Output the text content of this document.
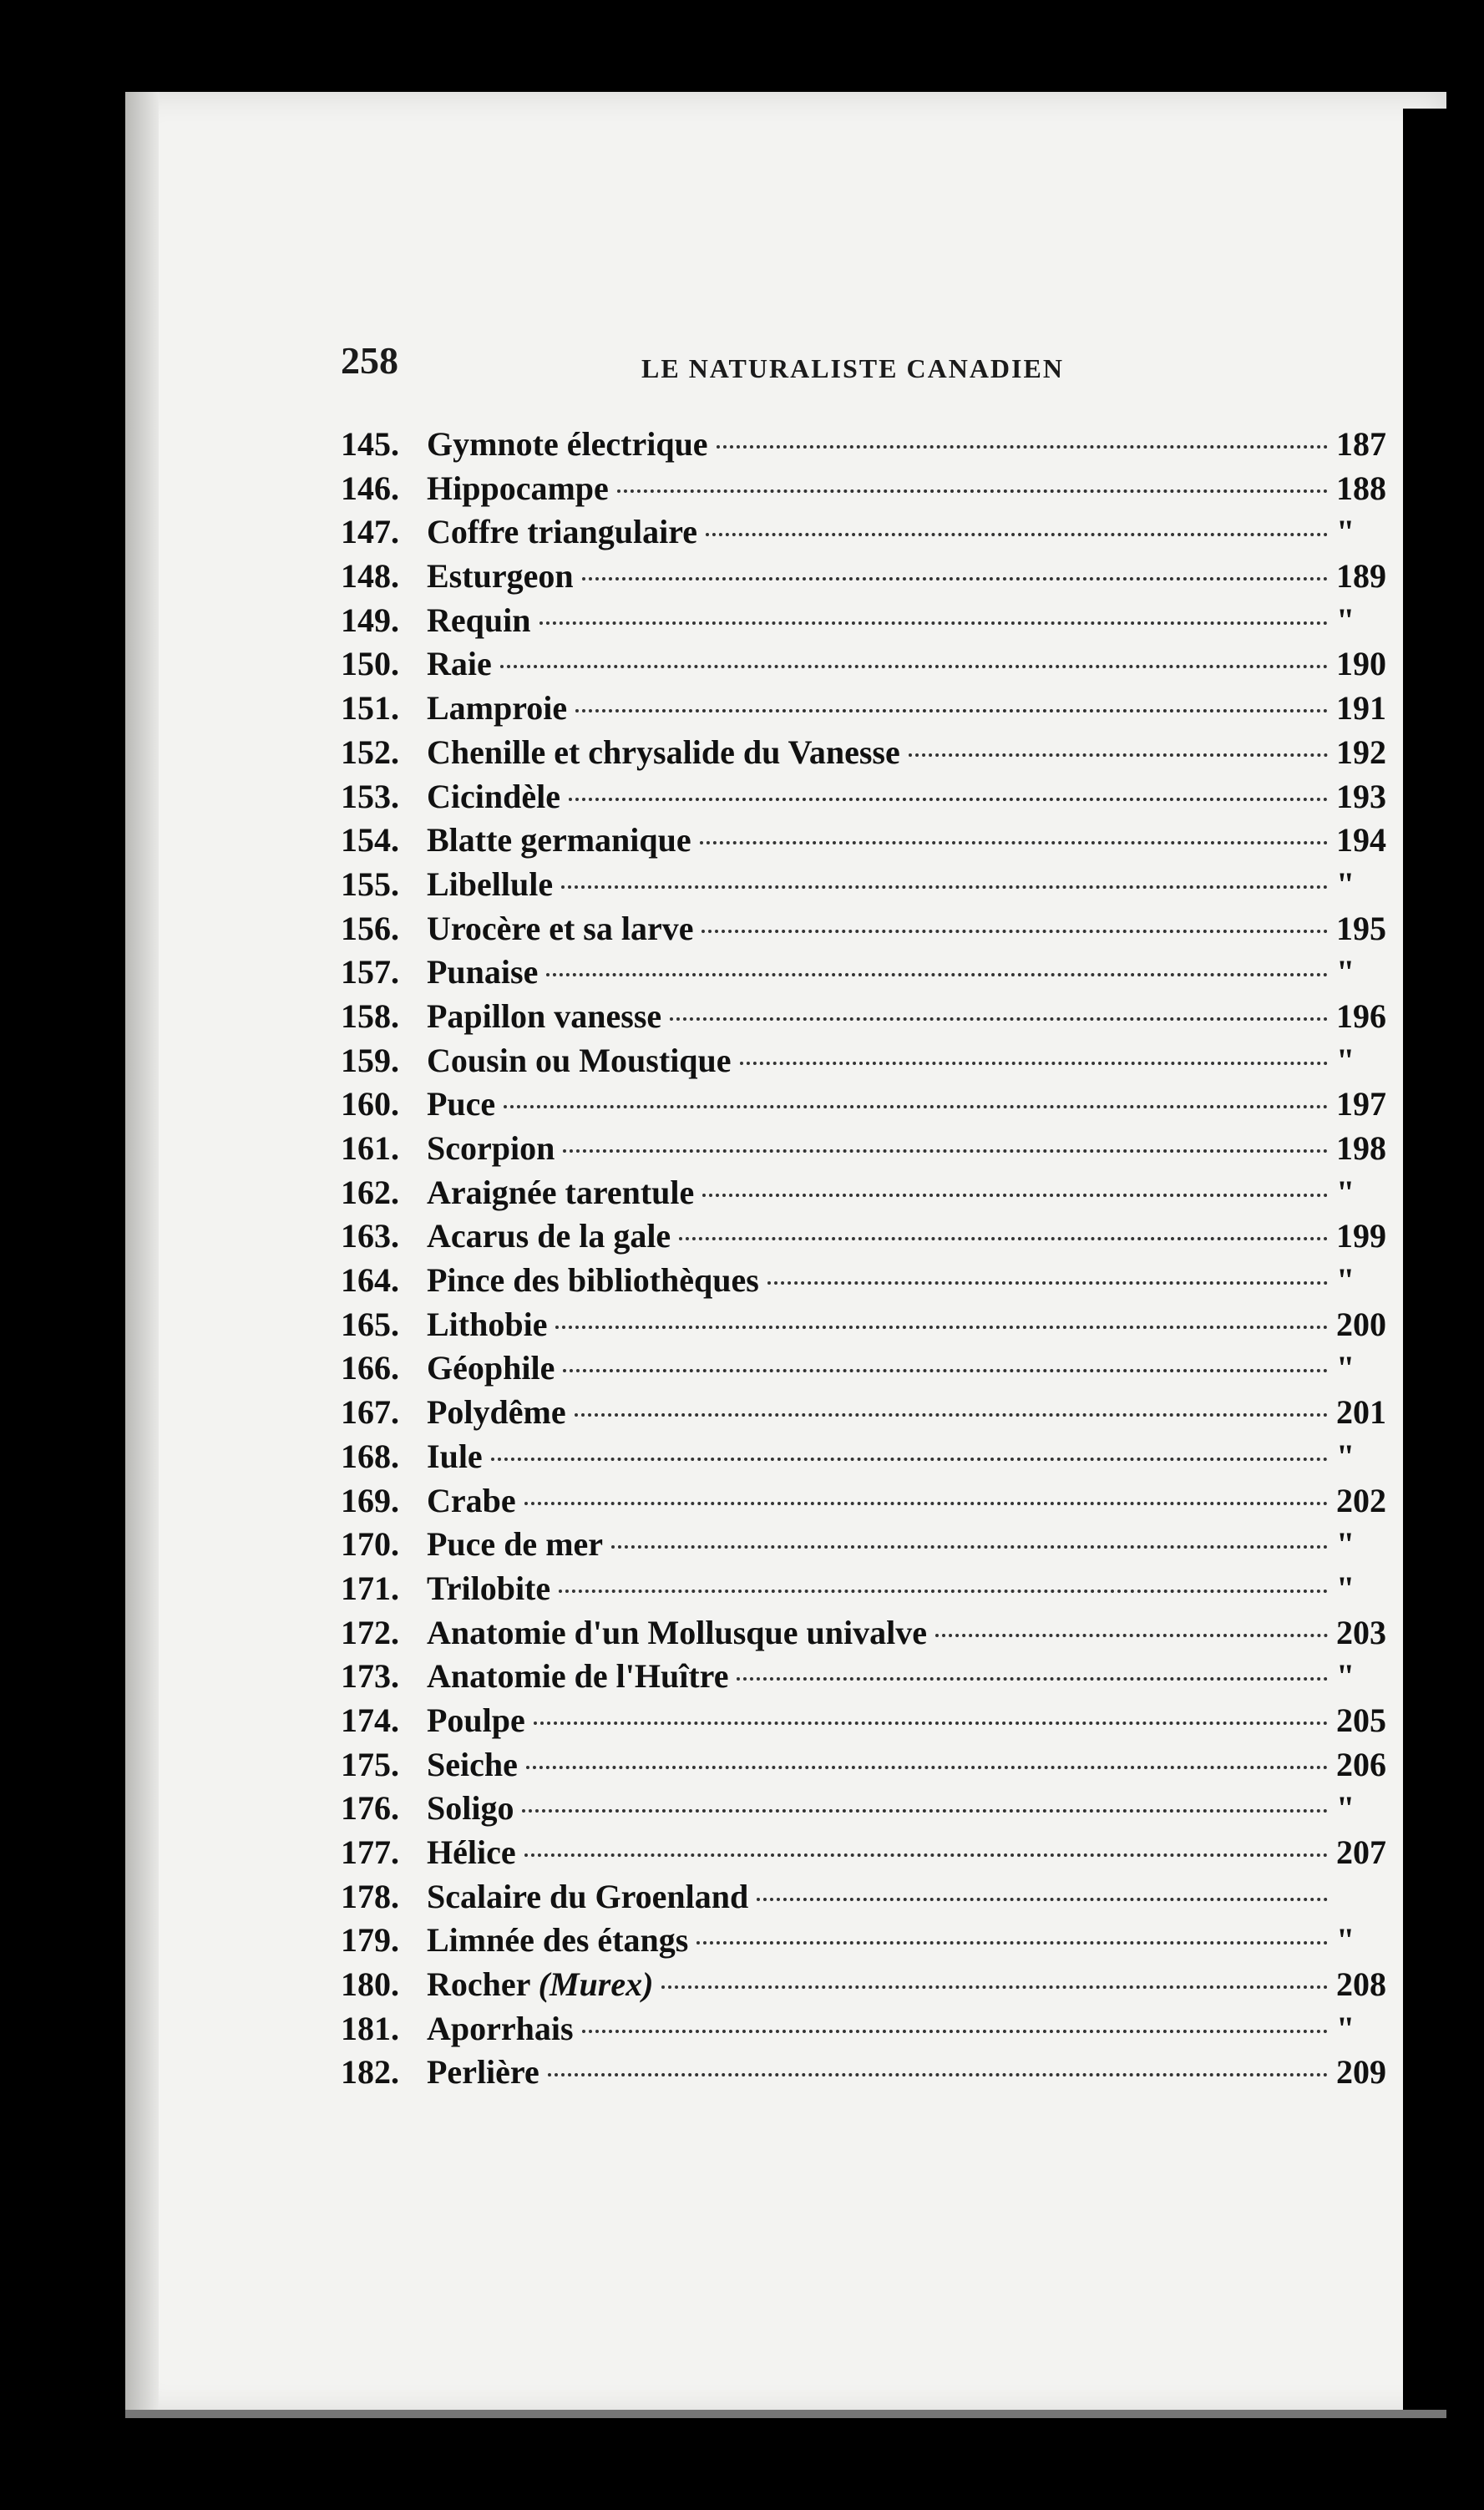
258	LE NATURALISTE CANADIEN
145. Gymnote électrique	187
146. Hippocampe	188
147. Coffre triangulaire	"
148. Esturgeon	189
149. Requin	"
150. Raie	190
151. Lamproie	191
152. Chenille et chrysalide du Vanesse	192
153. Cicindèle	193
154. Blatte germanique	194
155. Libellule	"
156. Urocère et sa larve	195
157. Punaise	"
158. Papillon vanesse	196
159. Cousin ou Moustique	"
160. Puce	197
161. Scorpion	198
162. Araignée tarentule	"
163. Acarus de la gale	199
164. Pince des bibliothèques	"
165. Lithobie	200
166. Géophile	"
167. Polydême	201
168. Iule	"
169. Crabe	202
170. Puce de mer	"
171. Trilobite	"
172. Anatomie d'un Mollusque univalve	203
173. Anatomie de l'Huître	"
174. Poulpe	205
175. Seiche	206
176. Soligo	"
177. Hélice	207
178. Scalaire du Groenland
179. Limnée des étangs	"
180. Rocher (Murex)	208
181. Aporrhais	"
182. Perlière	209
